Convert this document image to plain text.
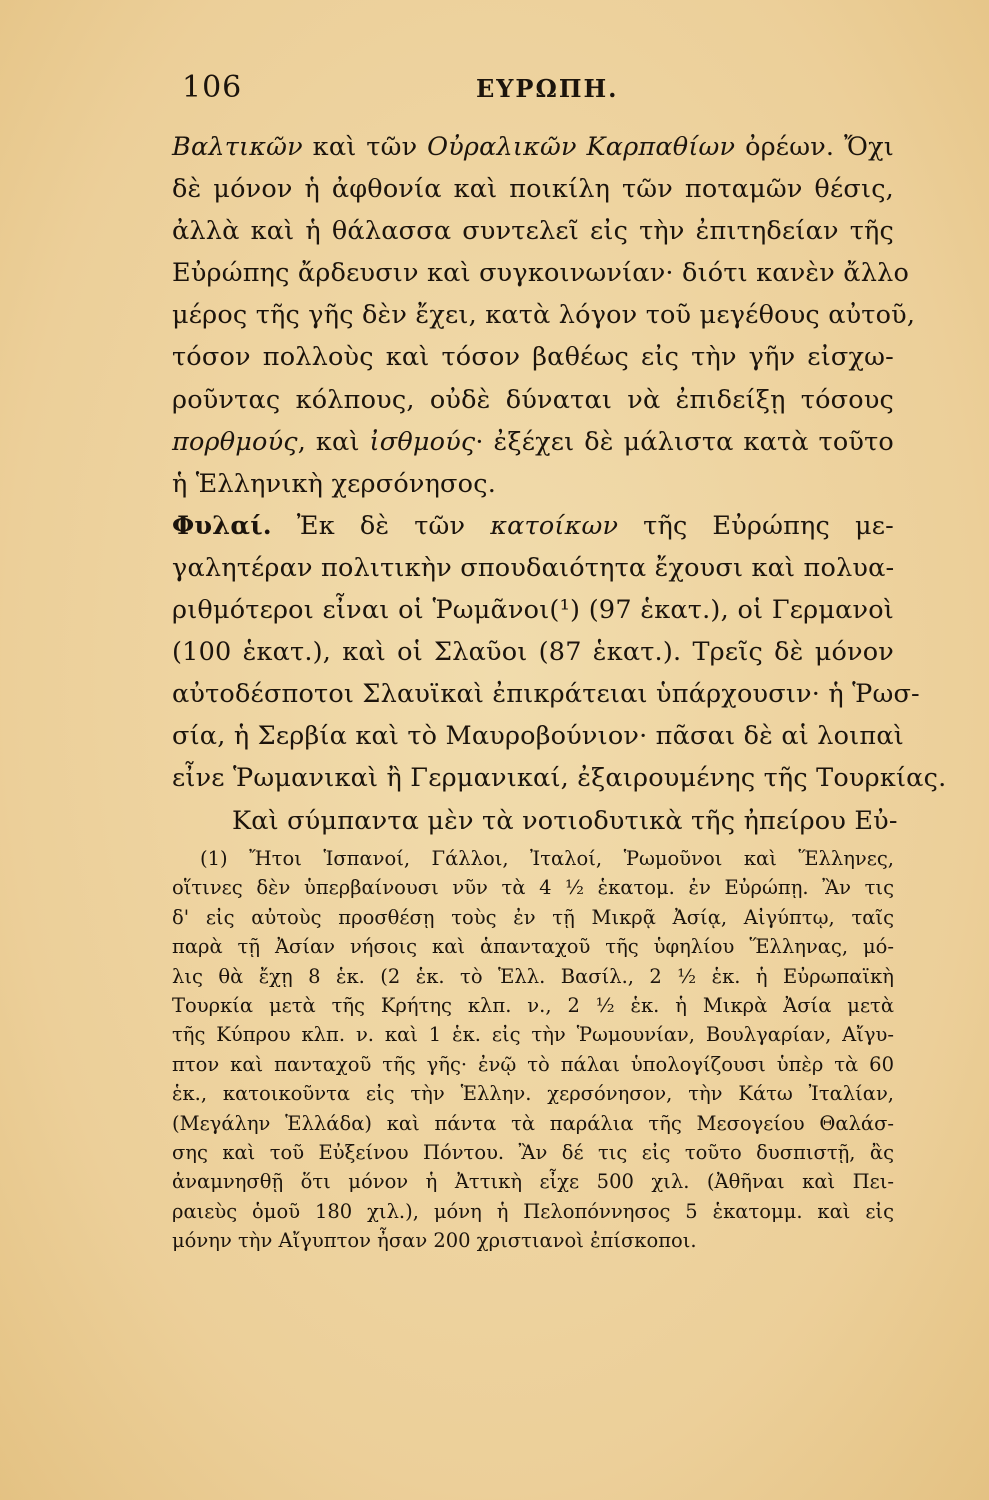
106	ΕΥΡΩΠΗ.
Βαλτικῶν καὶ τῶν Οὐραλικῶν Καρπαθίων ὀρέων. Ὄχι
δὲ μόνον ἡ ἀφθονία καὶ ποικίλη τῶν ποταμῶν θέσις,
ἀλλὰ καὶ ἡ θάλασσα συντελεῖ εἰς τὴν ἐπιτηδείαν τῆς
Εὐρώπης ἄρδευσιν καὶ συγκοινωνίαν· διότι κανὲν ἄλλο
μέρος τῆς γῆς δὲν ἔχει, κατὰ λόγον τοῦ μεγέθους αὐτοῦ,
τόσον πολλοὺς καὶ τόσον βαθέως εἰς τὴν γῆν εἰσχω-
ροῦντας κόλπους, οὐδὲ δύναται νὰ ἐπιδείξῃ τόσους
πορθμούς, καὶ ἰσθμούς· ἐξέχει δὲ μάλιστα κατὰ τοῦτο
ἡ Ἑλληνικὴ χερσόνησος.
Φυλαί. Ἐκ δὲ τῶν κατοίκων τῆς Εὐρώπης με-
γαλητέραν πολιτικὴν σπουδαιότητα ἔχουσι καὶ πολυα-
ριθμότεροι εἶναι οἱ Ῥωμᾶνοι(¹) (97 ἑκατ.), οἱ Γερμανοὶ
(100 ἑκατ.), καὶ οἱ Σλαῦοι (87 ἑκατ.). Τρεῖς δὲ μόνον
αὐτοδέσποτοι Σλαυϊκαὶ ἐπικράτειαι ὑπάρχουσιν· ἡ Ῥωσ-
σία, ἡ Σερβία καὶ τὸ Μαυροβούνιον· πᾶσαι δὲ αἱ λοιπαὶ
εἶνε Ῥωμανικαὶ ἢ Γερμανικαί, ἐξαιρουμένης τῆς Τουρκίας.
Καὶ σύμπαντα μὲν τὰ νοτιοδυτικὰ τῆς ἠπείρου Εὐ-
(1) Ἤτοι Ἱσπανοί, Γάλλοι, Ἰταλοί, Ῥωμοῦνοι καὶ Ἕλληνες,
οἵτινες δὲν ὑπερβαίνουσι νῦν τὰ 4 ½ ἑκατομ. ἐν Εὐρώπῃ. Ἂν τις
δ' εἰς αὐτοὺς προσθέσῃ τοὺς ἐν τῇ Μικρᾷ Ἀσίᾳ, Αἰγύπτῳ, ταῖς
παρὰ τῇ Ἀσίαν νήσοις καὶ ἁπανταχοῦ τῆς ὑφηλίου Ἕλληνας, μό-
λις θὰ ἔχῃ 8 ἑκ. (2 ἑκ. τὸ Ἑλλ. Βασίλ., 2 ½ ἑκ. ἡ Εὐρωπαϊκὴ
Τουρκία μετὰ τῆς Κρήτης κλπ. ν., 2 ½ ἑκ. ἡ Μικρὰ Ἀσία μετὰ
τῆς Κύπρου κλπ. ν. καὶ 1 ἑκ. εἰς τὴν Ῥωμουνίαν, Βουλγαρίαν, Αἴγυ-
πτον καὶ πανταχοῦ τῆς γῆς· ἐνῷ τὸ πάλαι ὑπολογίζουσι ὑπὲρ τὰ 60
ἑκ., κατοικοῦντα εἰς τὴν Ἑλλην. χερσόνησον, τὴν Κάτω Ἰταλίαν,
(Μεγάλην Ἑλλάδα) καὶ πάντα τὰ παράλια τῆς Μεσογείου Θαλάσ-
σης καὶ τοῦ Εὐξείνου Πόντου. Ἂν δέ τις εἰς τοῦτο δυσπιστῇ, ἂς
ἀναμνησθῇ ὅτι μόνον ἡ Ἀττικὴ εἶχε 500 χιλ. (Ἀθῆναι καὶ Πει-
ραιεὺς ὁμοῦ 180 χιλ.), μόνη ἡ Πελοπόννησος 5 ἑκατομμ. καὶ εἰς
μόνην τὴν Αἴγυπτον ἦσαν 200 χριστιανοὶ ἐπίσκοποι.
